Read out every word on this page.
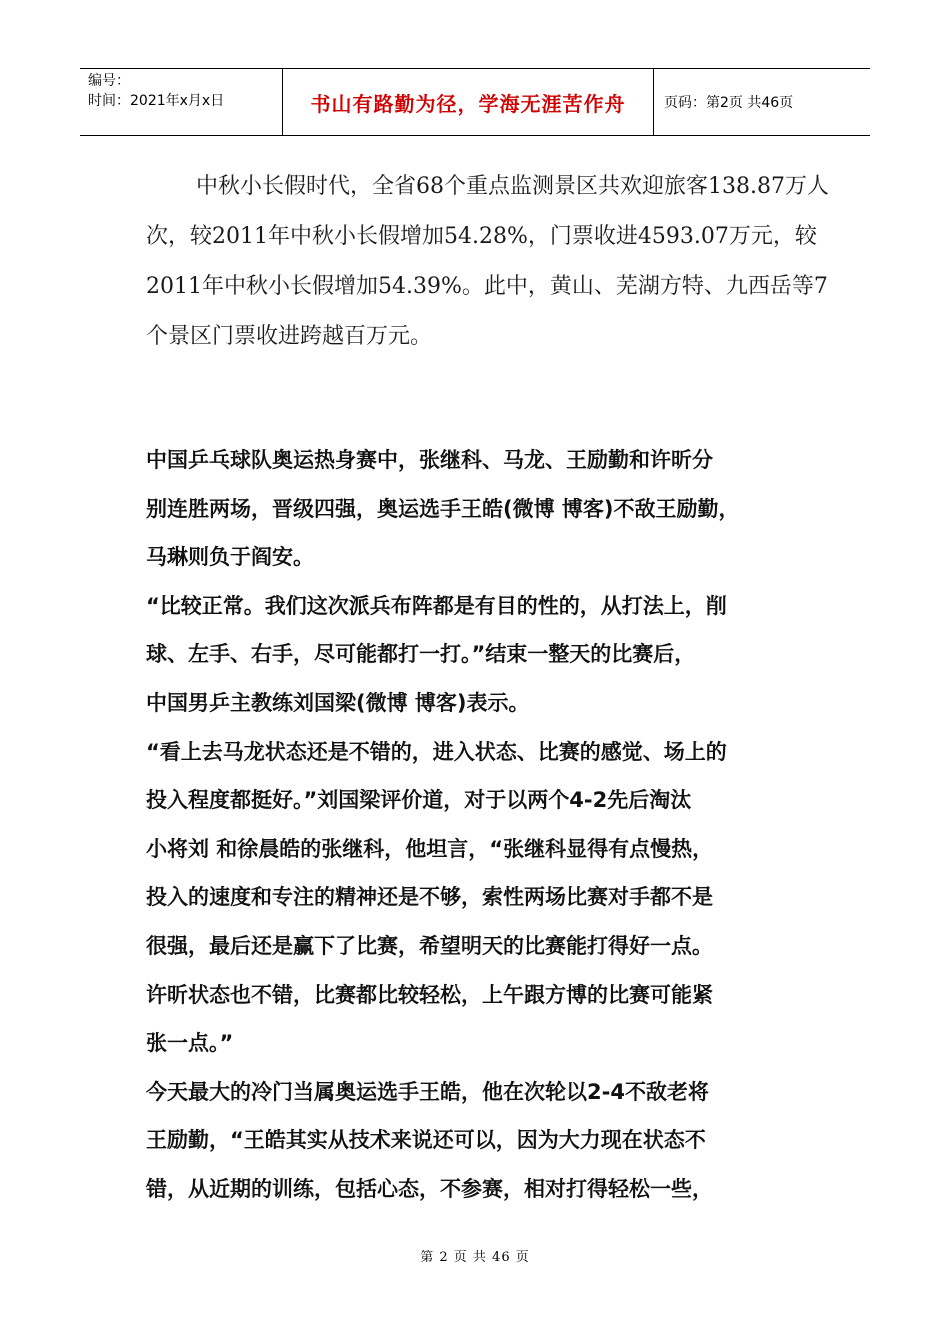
编号：
时间：2021年x月x日	书山有路勤为径，学海无涯苦作舟	页码：第2页 共46页

中秋小长假时代，全省68个重点监测景区共欢迎旅客138.87万人次，较2011年中秋小长假增加54.28%，门票收进4593.07万元，较2011年中秋小长假增加54.39%。此中，黄山、芜湖方特、九西岳等7个景区门票收进跨越百万元。

中国乒乓球队奥运热身赛中，张继科、马龙、王励勤和许昕分
别连胜两场，晋级四强，奥运选手王皓(微博 博客)不敌王励勤，
马琳则负于阎安。
“比较正常。我们这次派兵布阵都是有目的性的，从打法上，削
球、左手、右手，尽可能都打一打。”结束一整天的比赛后，
中国男乒主教练刘国梁(微博 博客)表示。
“看上去马龙状态还是不错的，进入状态、比赛的感觉、场上的
投入程度都挺好。”刘国梁评价道，对于以两个4-2先后淘汰
小将刘 和徐晨皓的张继科，他坦言，“张继科显得有点慢热，
投入的速度和专注的精神还是不够，索性两场比赛对手都不是
很强，最后还是赢下了比赛，希望明天的比赛能打得好一点。
许昕状态也不错，比赛都比较轻松，上午跟方博的比赛可能紧
张一点。”
今天最大的冷门当属奥运选手王皓，他在次轮以2-4不敌老将
王励勤，“王皓其实从技术来说还可以，因为大力现在状态不
错，从近期的训练，包括心态，不参赛，相对打得轻松一些，
第 2 页 共 46 页
